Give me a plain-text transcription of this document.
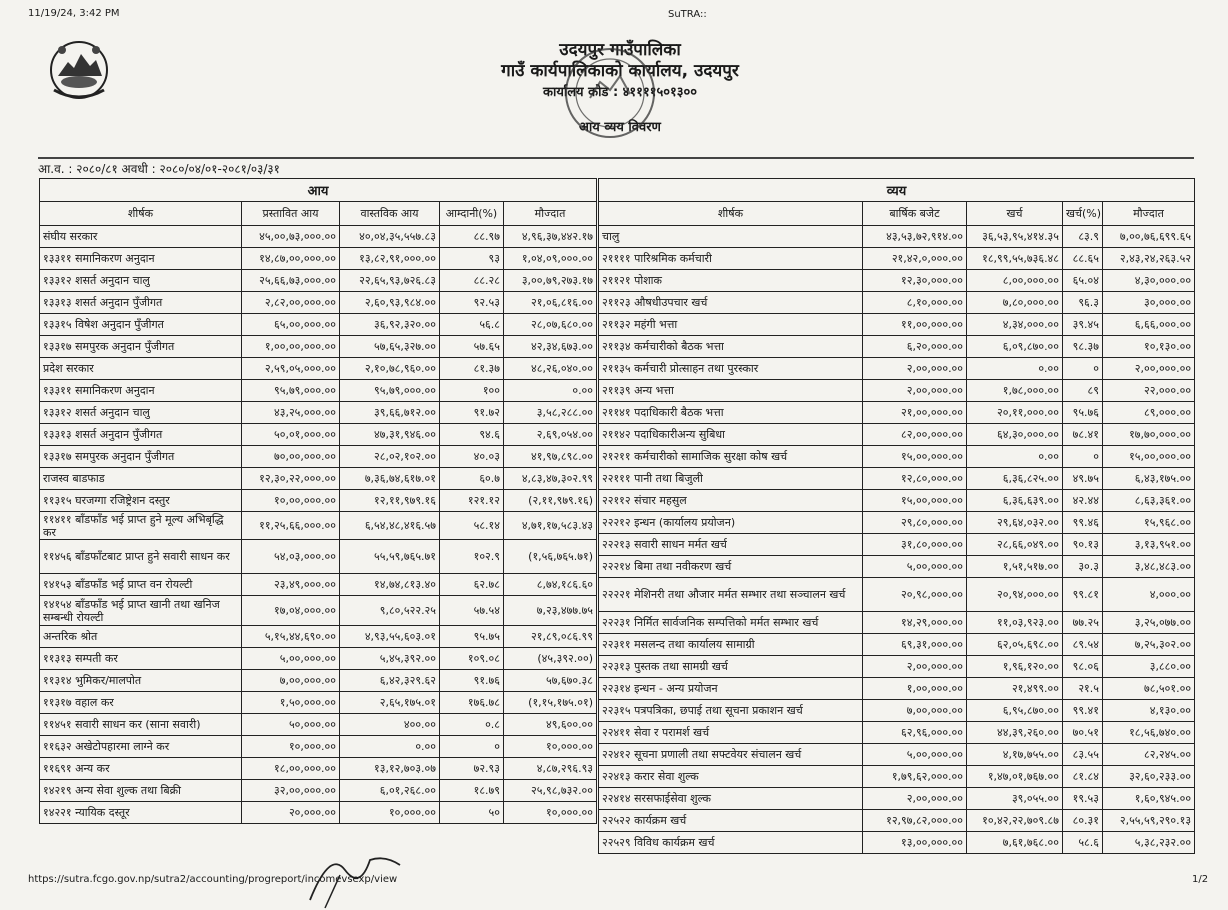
11/19/24, 3:42 PM	SuTRA::
उदयपुर गाउँपालिका
गाउँ कार्यपालिकाको कार्यालय, उदयपुर
कार्यालय कोड : ४११११५०१३००
आय व्यय विवरण
आ.व. : २०८०/८१ अवधी : २०८०/०४/०१-२०८१/०३/३१
आय				
शीर्षक	प्रस्तावित आय	वास्तविक आय	आम्दानी(%)	मौज्दात
संघीय सरकार	४५,००,७३,०००.००	४०,०४,३५,५५७.८३	८८.९७	४,९६,३७,४४२.१७
१३३११ समानिकरण अनुदान	१४,८७,००,०००.००	१३,८२,९१,०००.००	९३	१,०४,०९,०००.००
१३३१२ शसर्त अनुदान चालु	२५,६६,७३,०००.००	२२,६५,९३,७२६.८३	८८.२८	३,००,७९,२७३.१७
१३३१३ शसर्त अनुदान पुँजीगत	२,८२,००,०००.००	२,६०,९३,९८४.००	९२.५३	२१,०६,८१६.००
१३३१५ विषेश अनुदान पुँजीगत	६५,००,०००.००	३६,९२,३२०.००	५६.८	२८,०७,६८०.००
१३३१७ समपुरक अनुदान पुँजीगत	१,००,००,०००.००	५७,६५,३२७.००	५७.६५	४२,३४,६७३.००
प्रदेश सरकार	२,५९,०५,०००.००	२,१०,७८,९६०.००	८१.३७	४८,२६,०४०.००
१३३११ समानिकरण अनुदान	९५,७९,०००.००	९५,७९,०००.००	१००	०.००
१३३१२ शसर्त अनुदान चालु	४३,२५,०००.००	३९,६६,७१२.००	९१.७२	३,५८,२८८.००
१३३१३ शसर्त अनुदान पुँजीगत	५०,०१,०००.००	४७,३१,९४६.००	९४.६	२,६९,०५४.००
१३३१७ समपुरक अनुदान पुँजीगत	७०,००,०००.००	२८,०२,१०२.००	४०.०३	४१,९७,८९८.००
राजस्व बाडफाड	१२,३०,२२,०००.००	७,३६,७४,६१७.०१	६०.७	४,८३,४७,३०२.९९
११३१५ घरजग्गा रजिष्ट्रेशन दस्तुर	१०,००,०००.००	१२,११,९७९.१६	१२१.१२	(२,११,९७९.१६)
११४११ बाँडफाँड भई प्राप्त हुने मूल्य अभिबृद्धि कर	११,२५,६६,०००.००	६,५४,४८,४१६.५७	५८.१४	४,७१,१७,५८३.४३
११४५६ बाँडफाँटबाट प्राप्त हुने सवारी साधन कर	५४,०३,०००.००	५५,५९,७६५.७१	१०२.९	(१,५६,७६५.७१)
१४१५३ बाँडफाँड भई प्राप्त वन रोयल्टी	२३,४९,०००.००	१४,७४,८१३.४०	६२.७८	८,७४,१८६.६०
१४१५४ बाँडफाँड भई प्राप्त खानी तथा खनिज सम्बन्धी रोयल्टी	१७,०४,०००.००	९,८०,५२२.२५	५७.५४	७,२३,४७७.७५
अन्तरिक श्रोत	५,१५,४४,६९०.००	४,९३,५५,६०३.०१	९५.७५	२१,८९,०८६.९९
११३१३ सम्पती कर	५,००,०००.००	५,४५,३९२.००	१०९.०८	(४५,३९२.००)
११३१४ भुमिकर/मालपोत	७,००,०००.००	६,४२,३२९.६२	९१.७६	५७,६७०.३८
११३१७ वहाल कर	१,५०,०००.००	२,६५,१७५.०१	१७६.७८	(१,१५,१७५.०१)
११४५१ सवारी साधन कर (साना सवारी)	५०,०००.००	४००.००	०.८	४९,६००.००
११६३२ अखेटोपहारमा लाग्ने कर	१०,०००.००	०.००	०	१०,०००.००
११६९१ अन्य कर	१८,००,०००.००	१३,१२,७०३.०७	७२.९३	४,८७,२९६.९३
१४२१९ अन्य सेवा शुल्क तथा बिक्री	३२,००,०००.००	६,०१,२६८.००	१८.७९	२५,९८,७३२.००
१४२२१ न्यायिक दस्तूर	२०,०००.००	१०,०००.००	५०	१०,०००.००
व्यय				
शीर्षक	बार्षिक बजेट	खर्च	खर्च(%)	मौज्दात
चालु	४३,५३,७२,९१४.००	३६,५३,९५,४१४.३५	८३.९	७,००,७६,६९९.६५
२११११ पारिश्रमिक कर्मचारी	२१,४२,०,०००.००	१८,९९,५५,७३६.४८	८८.६५	२,४३,२४,२६३.५२
२११२१ पोशाक	१२,३०,०००.००	८,००,०००.००	६५.०४	४,३०,०००.००
२११२३ औषधीउपचार खर्च	८,१०,०००.००	७,८०,०००.००	९६.३	३०,०००.००
२११३२ महंगी भत्ता	११,००,०००.००	४,३४,०००.००	३९.४५	६,६६,०००.००
२११३४ कर्मचारीको बैठक भत्ता	६,२०,०००.००	६,०९,८७०.००	९८.३७	१०,१३०.००
२११३५ कर्मचारी प्रोत्साहन तथा पुरस्कार	२,००,०००.००	०.००	०	२,००,०००.००
२११३९ अन्य भत्ता	२,००,०००.००	१,७८,०००.००	८९	२२,०००.००
२११४१ पदाधिकारी बैठक भत्ता	२१,००,०००.००	२०,११,०००.००	९५.७६	८९,०००.००
२११४२ पदाधिकारीअन्य सुबिधा	८२,००,०००.००	६४,३०,०००.००	७८.४१	१७,७०,०००.००
२१२११ कर्मचारीको सामाजिक सुरक्षा कोष खर्च	१५,००,०००.००	०.००	०	१५,००,०००.००
२२१११ पानी तथा बिजुली	१२,८०,०००.००	६,३६,८२५.००	४९.७५	६,४३,१७५.००
२२११२ संचार महसुल	१५,००,०००.००	६,३६,६३९.००	४२.४४	८,६३,३६१.००
२२२१२ इन्धन (कार्यालय प्रयोजन)	२९,८०,०००.००	२९,६४,०३२.००	९९.४६	१५,९६८.००
२२२१३ सवारी साधन मर्मत खर्च	३१,८०,०००.००	२८,६६,०४९.००	९०.१३	३,१३,९५१.००
२२२१४ बिमा तथा नवीकरण खर्च	५,००,०००.००	१,५१,५१७.००	३०.३	३,४८,४८३.००
२२२२१ मेशिनरी तथा औजार मर्मत सम्भार तथा सञ्चालन खर्च	२०,९८,०००.००	२०,९४,०००.००	९९.८१	४,०००.००
२२२३१ निर्मित सार्वजनिक सम्पत्तिको मर्मत सम्भार खर्च	१४,२९,०००.००	११,०३,९२३.००	७७.२५	३,२५,०७७.००
२२३११ मसलन्द तथा कार्यालय सामाग्री	६९,३१,०००.००	६२,०५,६९८.००	८९.५४	७,२५,३०२.००
२२३१३ पुस्तक तथा सामग्री खर्च	२,००,०००.००	१,९६,१२०.००	९८.०६	३,८८०.००
२२३१४ इन्धन - अन्य प्रयोजन	१,००,०००.००	२१,४९९.००	२१.५	७८,५०१.००
२२३१५ पत्रपत्रिका, छपाई तथा सूचना प्रकाशन खर्च	७,००,०००.००	६,९५,८७०.००	९९.४१	४,१३०.००
२२४११ सेवा र परामर्श खर्च	६२,९६,०००.००	४४,३९,२६०.००	७०.५१	१८,५६,७४०.००
२२४१२ सूचना प्रणाली तथा सफ्टवेयर संचालन खर्च	५,००,०००.००	४,१७,७५५.००	८३.५५	८२,२४५.००
२२४१३ करार सेवा शुल्क	१,७९,६२,०००.००	१,४७,०१,७६७.००	८१.८४	३२,६०,२३३.००
२२४१४ सरसफाईसेवा शुल्क	२,००,०००.००	३९,०५५.००	१९.५३	१,६०,९४५.००
२२५२२ कार्यक्रम खर्च	१२,९७,८२,०००.००	१०,४२,२२,७०९.८७	८०.३१	२,५५,५९,२९०.१३
२२५२९ विविध कार्यक्रम खर्च	१३,००,०००.००	७,६१,७६८.००	५८.६	५,३८,२३२.००
https://sutra.fcgo.gov.np/sutra2/accounting/progreport/incomevsexp/view	1/2
